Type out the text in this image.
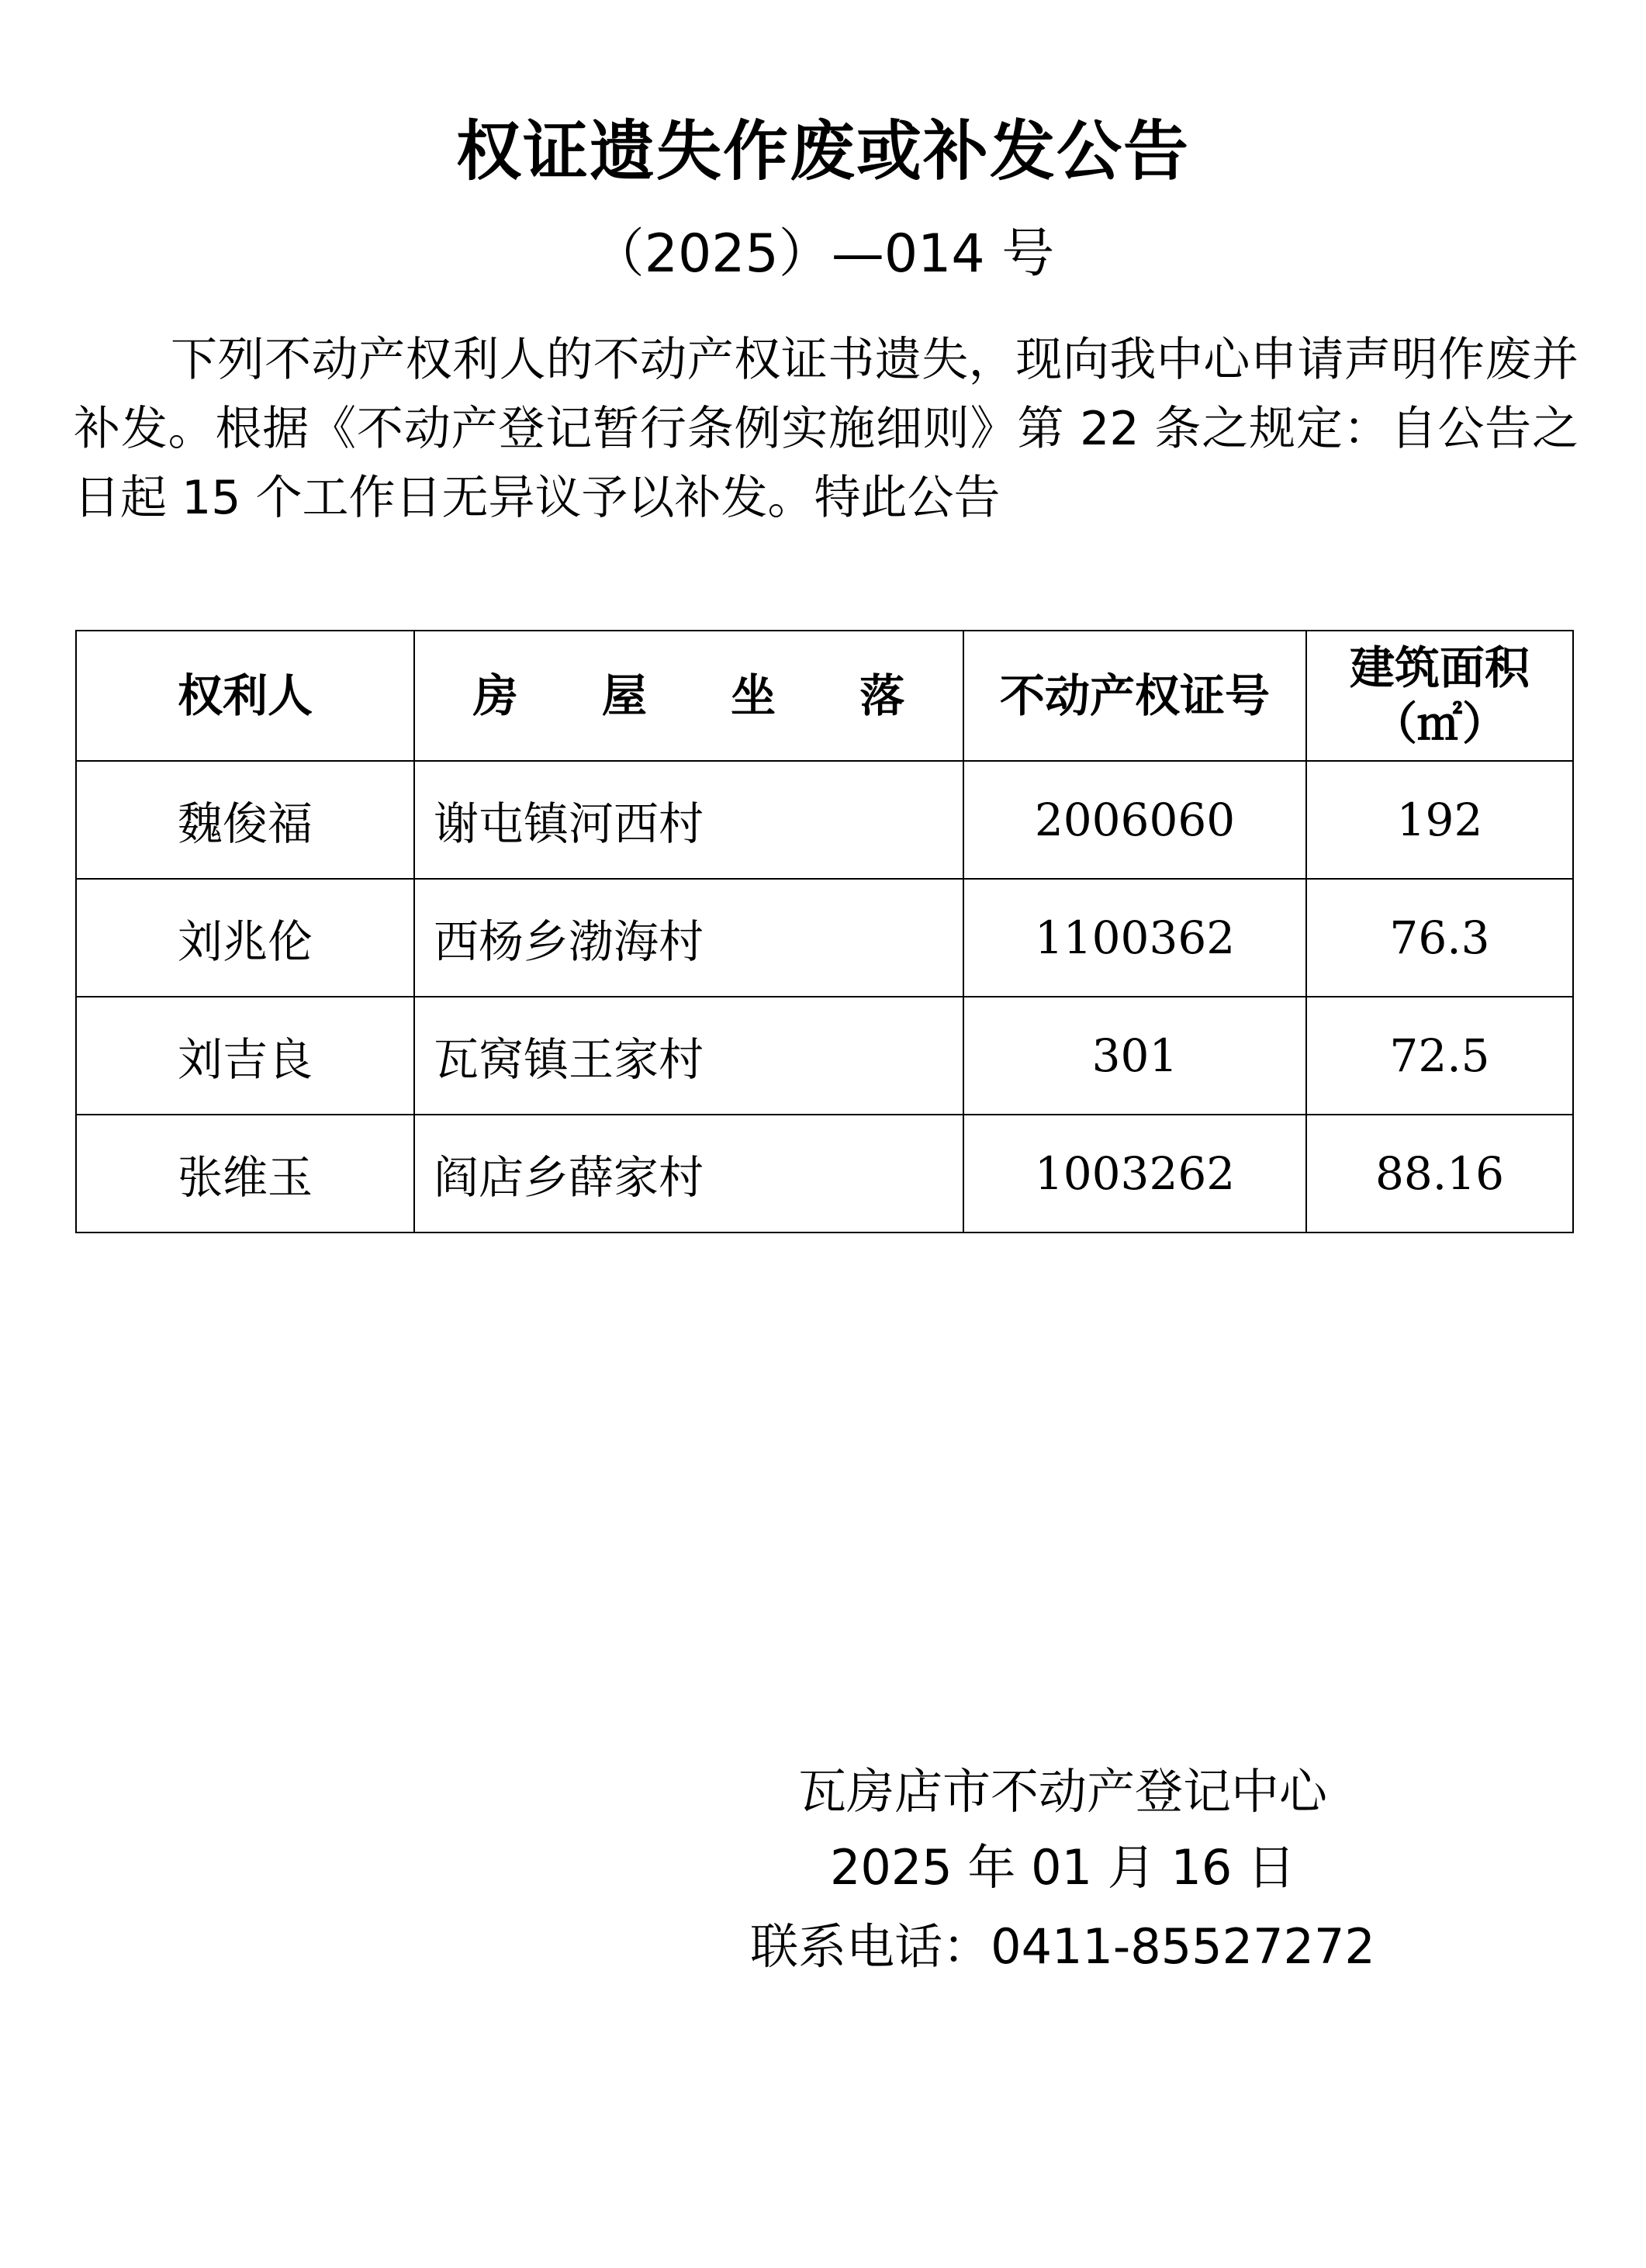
权证遗失作废或补发公告
（2025）—014 号

下列不动产权利人的不动产权证书遗失，现向我中心申请声明作废并补发。根据《不动产登记暂行条例实施细则》第 22 条之规定：自公告之日起 15 个工作日无异议予以补发。特此公告

权利人	房 屋 坐 落	不动产权证号	建筑面积
（㎡）

魏俊福	谢屯镇河西村	2006060	192
刘兆伦	西杨乡渤海村	1100362	76.3
刘吉良	瓦窝镇王家村	301	72.5
张维玉	阎店乡薛家村	1003262	88.16
瓦房店市不动产登记中心
2025 年 01 月 16 日
联系电话：0411-85527272
